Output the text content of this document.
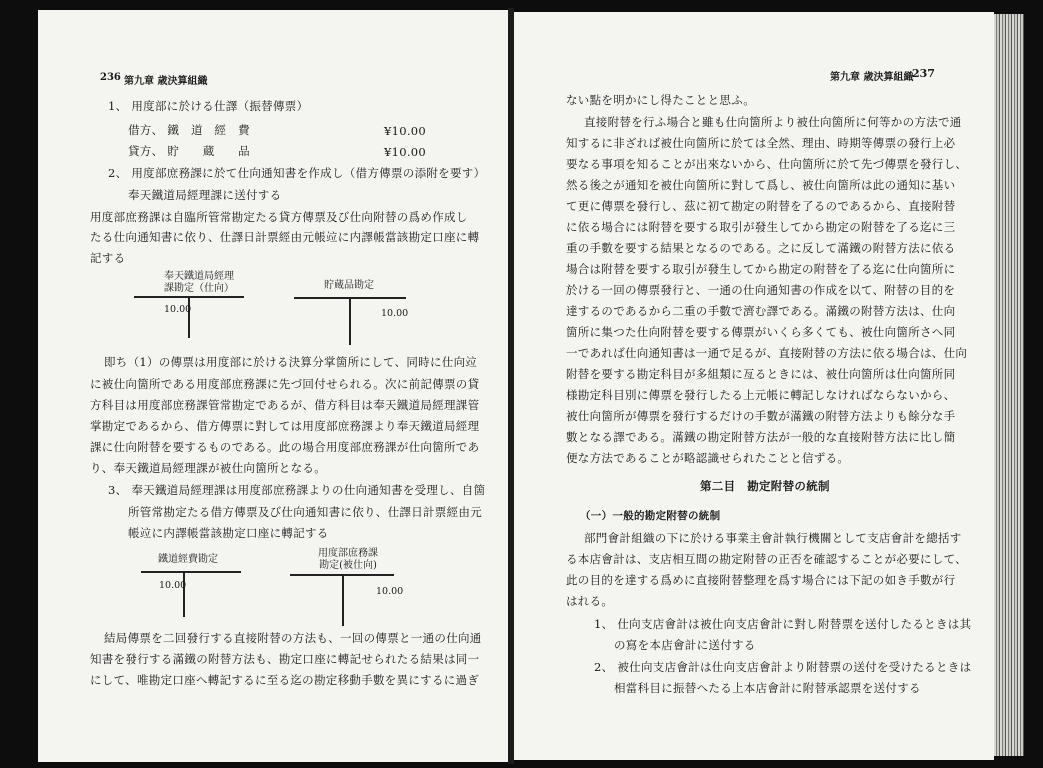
236 第九章 歳決算組織
1、 用度部に於ける仕譯（振替傳票）
借方、 鐵　道　經　費	¥10.00
貸方、 貯　　蔵　　品	¥10.00
2、 用度部庶務課に於て仕向通知書を作成し（借方傳票の添附を要す）
奉天鐵道局經理課に送付する
用度部庶務課は自臨所管常勘定たる貸方傳票及び仕向附替の爲め作成し
たる仕向通知書に依り、仕譯日計票經由元帳竝に内譯帳當該勘定口座に轉
記する
奉天鐵道局經理
課勘定（仕向）
10.00
貯蔵品勘定
10.00
即ち（1）の傳票は用度部に於ける決算分掌箇所にして、同時に仕向竝
に被仕向箇所である用度部庶務課に先づ回付せられる。次に前記傳票の貸
方科目は用度部庶務課管常勘定であるが、借方科目は奉天鐵道局經理課管
掌勘定であるから、借方傳票に對しては用度部庶務課より奉天鐵道局經理
課に仕向附替を要するものである。此の場合用度部庶務課が仕向箇所であ
り、奉天鐵道局經理課が被仕向箇所となる。
3、 奉天鐵道局經理課は用度部庶務課よりの仕向通知書を受理し、自箇
所管常勘定たる借方傳票及び仕向通知書に依り、仕譯日計票經由元
帳竝に内譯帳當該勘定口座に轉記する
鐵道經費勘定
10.00
用度部庶務課
勘定(被仕向)
10.00
結局傳票を二回發行する直接附替の方法も、一回の傳票と一通の仕向通
知書を發行する滿鐵の附替方法も、勘定口座に轉記せられたる結果は同一
にして、唯勘定口座へ轉記するに至る迄の勘定移動手數を異にするに過ぎ
第九章 歳決算組織
237
ない點を明かにし得たことと思ふ。
直接附替を行ふ場合と雖も仕向箇所より被仕向箇所に何等かの方法で通
知するに非ざれば被仕向箇所に於ては全然、理由、時期等傳票の發行上必
要なる事項を知ることが出來ないから、仕向箇所に於て先づ傳票を發行し、
然る後之が通知を被仕向箇所に對して爲し、被仕向箇所は此の通知に基い
て更に傳票を發行し、茲に初て勘定の附替を了るのであるから、直接附替
に依る場合には附替を要する取引が發生してから勘定の附替を了る迄に三
重の手數を要する結果となるのである。之に反して滿鐵の附替方法に依る
場合は附替を要する取引が發生してから勘定の附替を了る迄に仕向箇所に
於ける一回の傳票發行と、一通の仕向通知書の作成を以て、附替の目的を
達するのであるから二重の手數で濟む譯である。滿鐵の附替方法は、仕向
箇所に集つた仕向附替を要する傳票がいくら多くても、被仕向箇所さへ同
一であれば仕向通知書は一通で足るが、直接附替の方法に依る場合は、仕向
附替を要する勘定科目が多組類に亙るときには、被仕向箇所は仕向箇所同
様勘定科目別に傳票を發行したる上元帳に轉記しなければならないから、
被仕向箇所が傳票を發行するだけの手數が滿鐵の附替方法よりも餘分な手
數となる譯である。滿鐵の勘定附替方法が一般的な直接附替方法に比し簡
便な方法であることが略認識せられたことと信ずる。
第二目　勘定附替の統制
（一）一般的勘定附替の統制
部門會計組織の下に於ける事業主會計執行機關として支店會計を總括す
る本店會計は、支店相互間の勘定附替の正否を確認することが必要にして、
此の目的を達する爲めに直接附替整理を爲す場合には下記の如き手數が行
はれる。
1、 仕向支店會計は被仕向支店會計に對し附替票を送付したるときは其
の寫を本店會計に送付する
2、 被仕向支店會計は仕向支店會計より附替票の送付を受けたるときは
相當科目に振替へたる上本店會計に附替承認票を送付する
